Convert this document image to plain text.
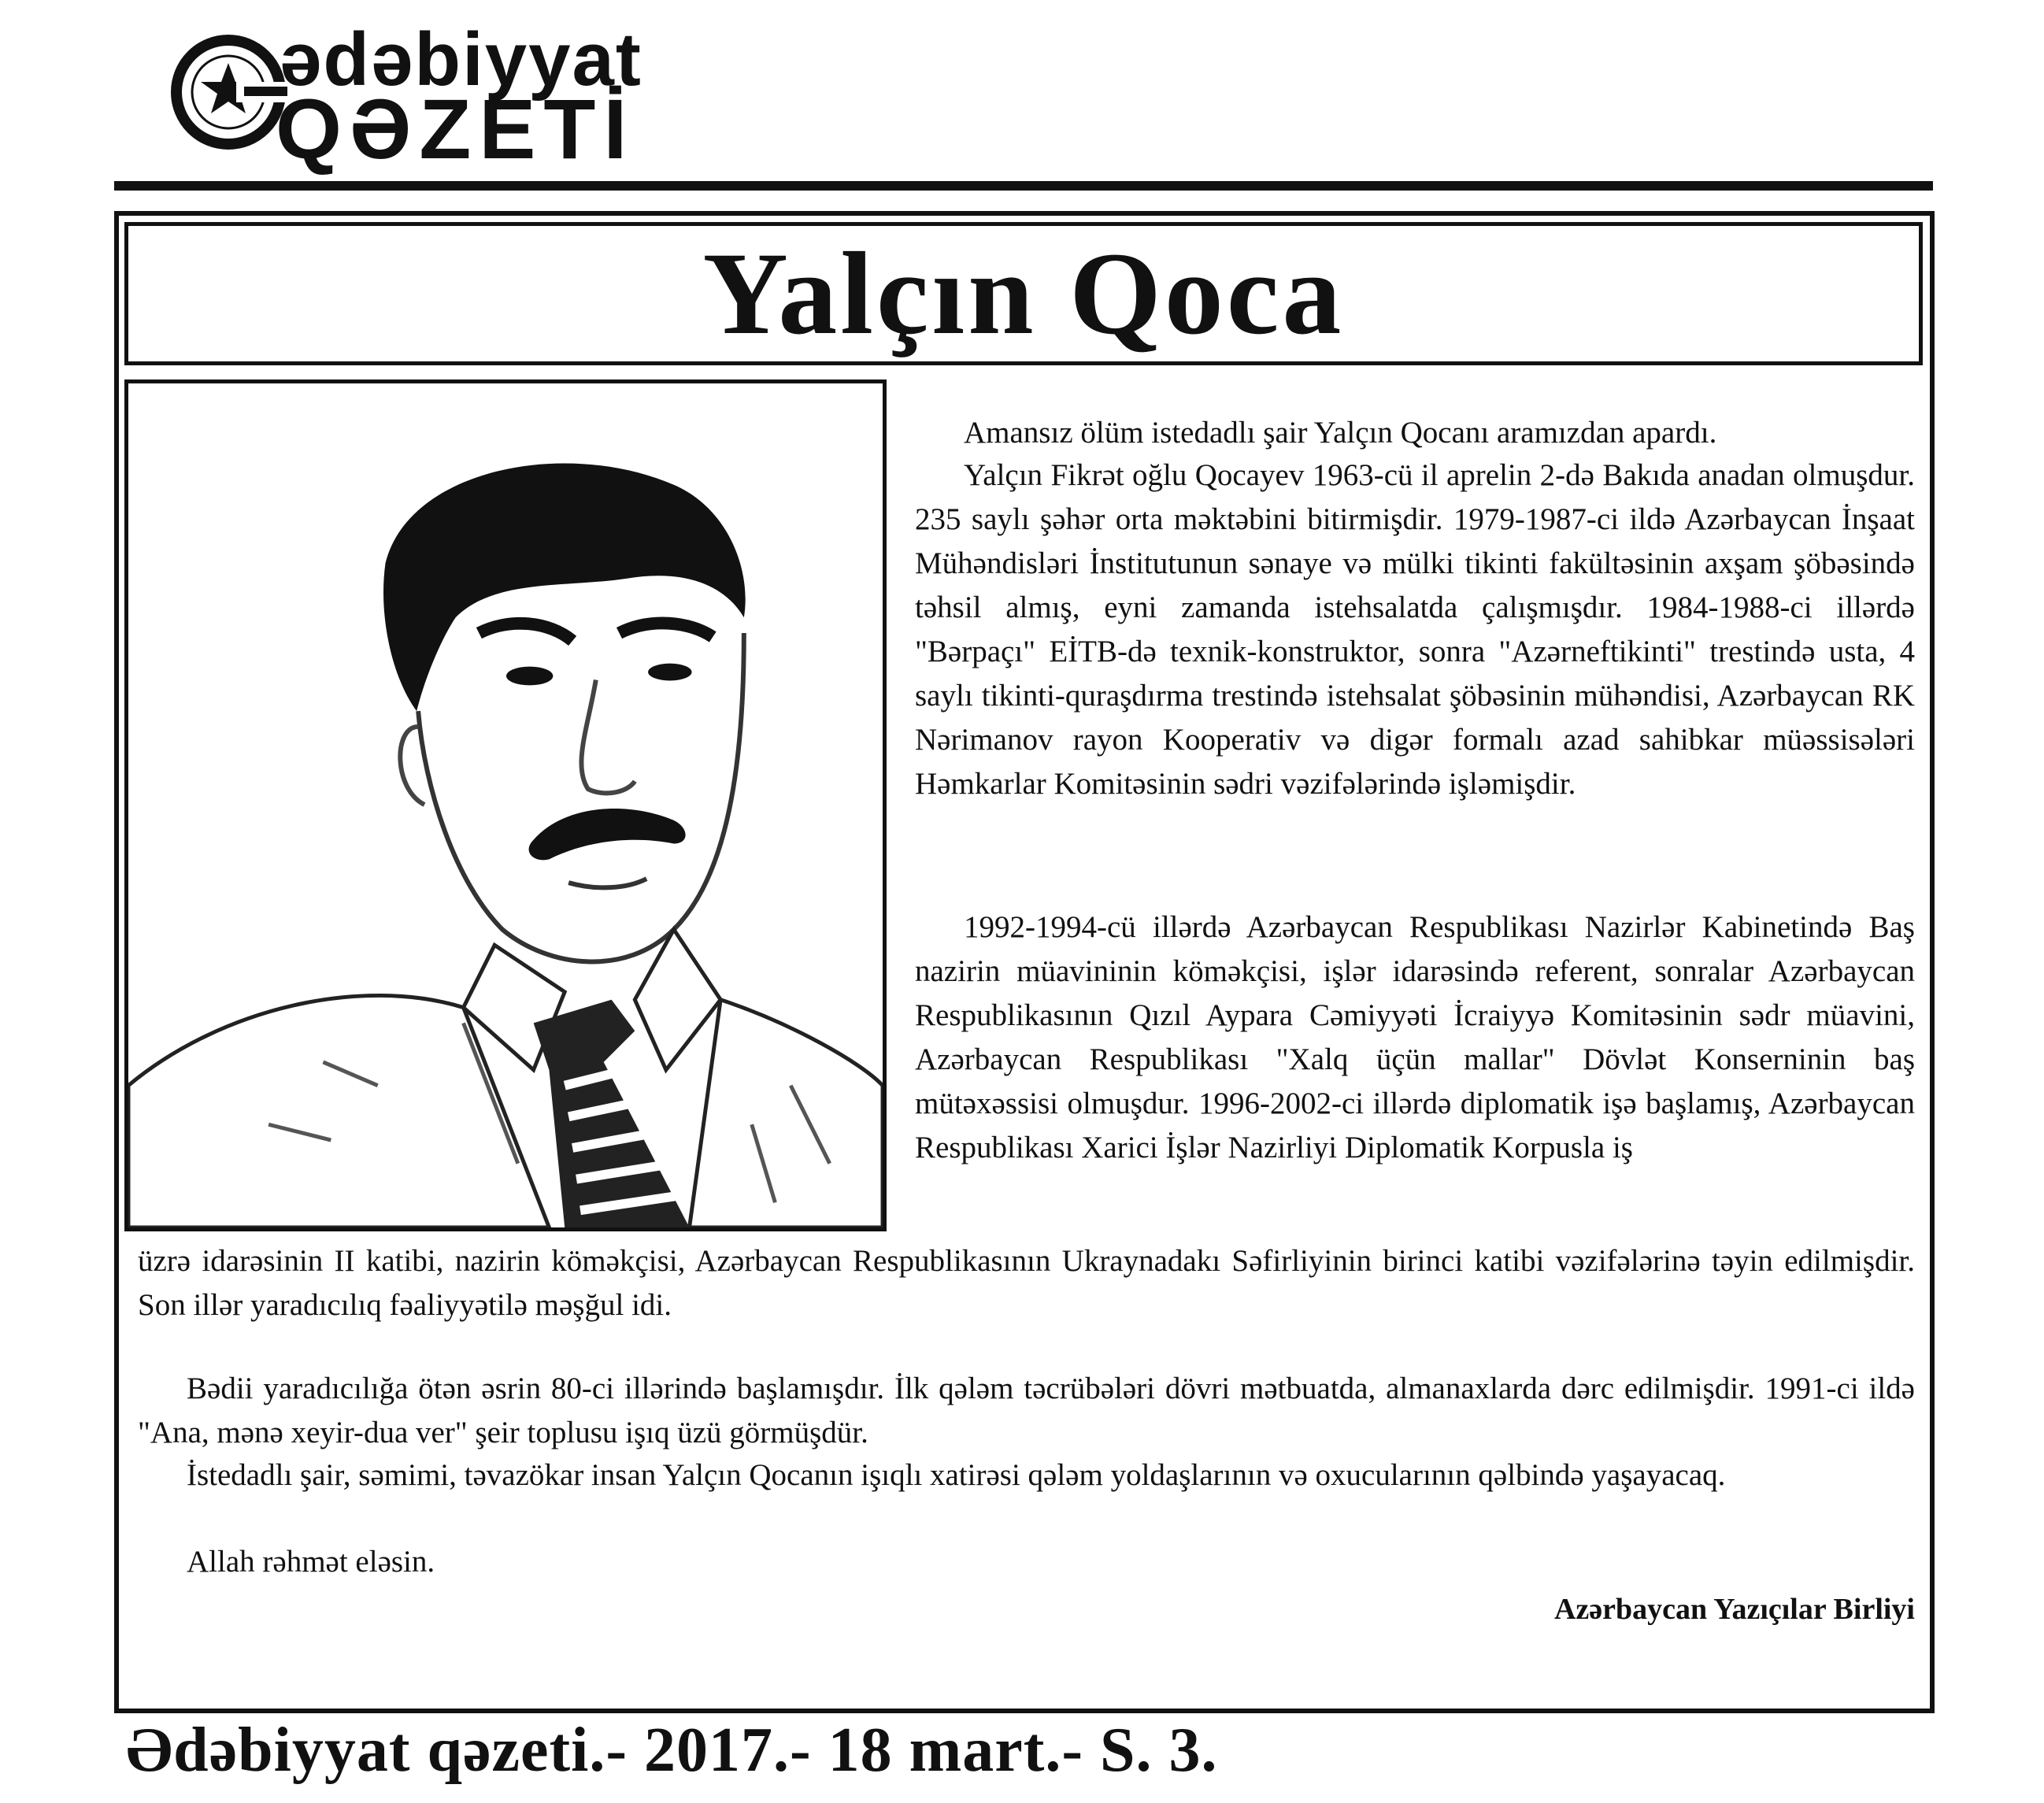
ədəbiyyat
QƏZETİ
Yalçın Qoca

Amansız ölüm istedadlı şair Yalçın Qocanı aramızdan apardı.

Yalçın Fikrət oğlu Qocayev 1963-cü il aprelin 2-də Bakıda anadan olmuşdur. 235 saylı şəhər orta məktəbini bitirmişdir. 1979-1987-ci ildə Azərbaycan İnşaat Mühəndisləri İnstitutunun sənaye və mülki tikinti fakültəsinin axşam şöbəsində təhsil almış, eyni zamanda istehsalatda çalışmışdır. 1984-1988-ci illərdə "Bərpaçı" EİTB-də texnik-konstruktor, sonra "Azərneftikinti" trestində usta, 4 saylı tikinti-quraşdırma trestində istehsalat şöbəsinin mühəndisi, Azərbaycan RK Nərimanov rayon Kooperativ və digər formalı azad sahibkar müəssisələri Həmkarlar Komitəsinin sədri vəzifələrində işləmişdir.

1992-1994-cü illərdə Azərbaycan Respublikası Nazirlər Kabinetində Baş nazirin müavininin köməkçisi, işlər idarəsində referent, sonralar Azərbaycan Respublikasının Qızıl Aypara Cəmiyyəti İcraiyyə Komitəsinin sədr müavini, Azərbaycan Respublikası "Xalq üçün mallar" Dövlət Konserninin baş mütəxəssisi olmuşdur. 1996-2002-ci illərdə diplomatik işə başlamış, Azərbaycan Respublikası Xarici İşlər Nazirliyi Diplomatik Korpusla iş

üzrə idarəsinin II katibi, nazirin köməkçisi, Azərbaycan Respublikasının Ukraynadakı Səfirliyinin birinci katibi vəzifələrinə təyin edilmişdir. Son illər yaradıcılıq fəaliyyətilə məşğul idi.

Bədii yaradıcılığa ötən əsrin 80-ci illərində başlamışdır. İlk qələm təcrübələri dövri mətbuatda, almanaxlarda dərc edilmişdir. 1991-ci ildə "Ana, mənə xeyir-dua ver" şeir toplusu işıq üzü görmüşdür.

İstedadlı şair, səmimi, təvazökar insan Yalçın Qocanın işıqlı xatirəsi qələm yoldaşlarının və oxucularının qəlbində yaşayacaq.

Allah rəhmət eləsin.

Azərbaycan Yazıçılar Birliyi
Ədəbiyyat qəzeti.- 2017.- 18 mart.- S. 3.
